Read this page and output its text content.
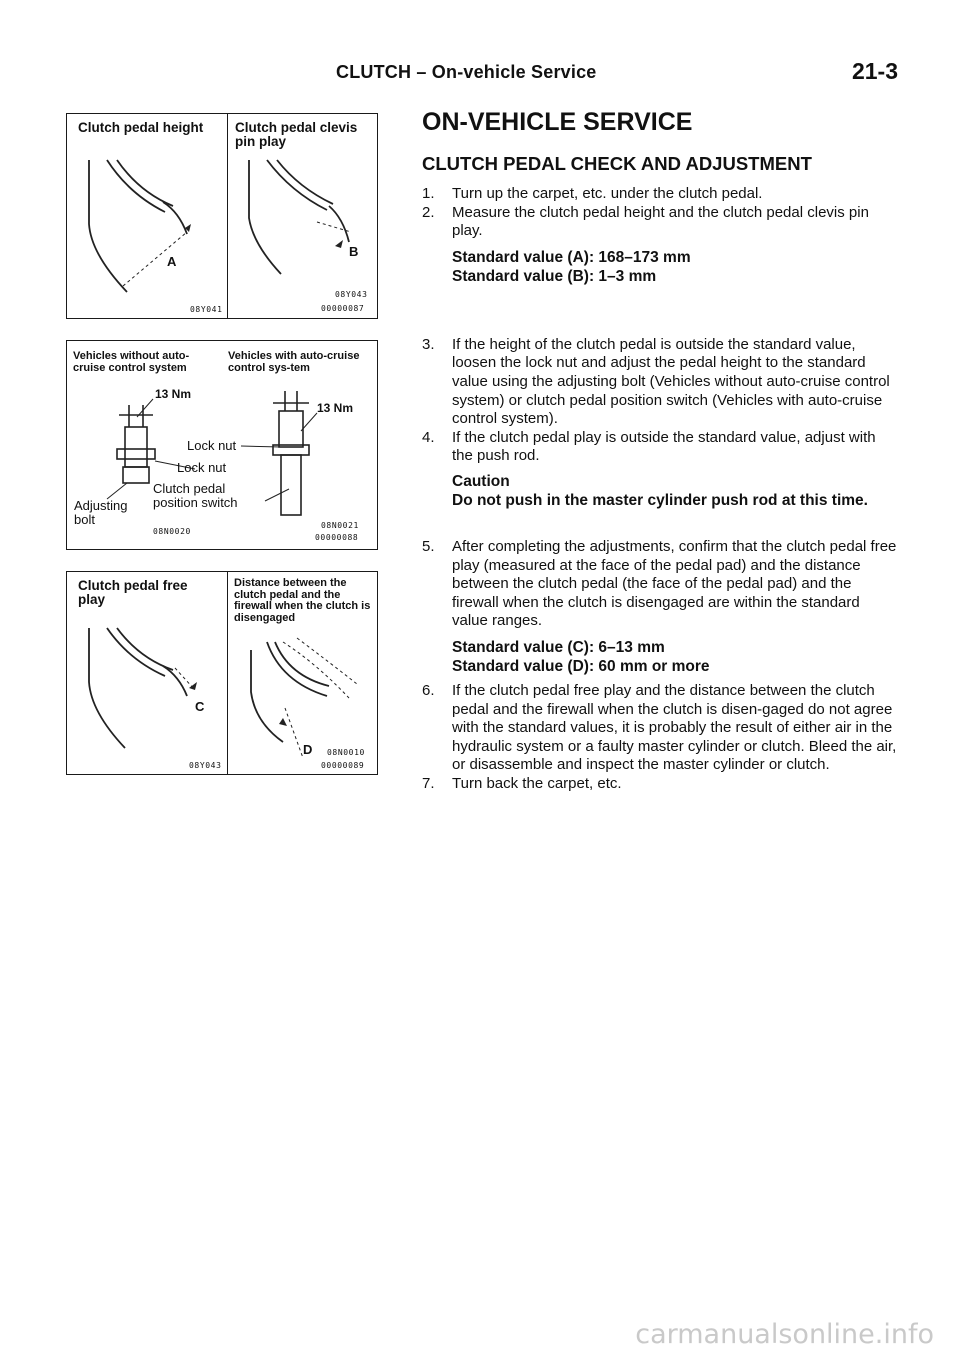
CLUTCH – On-vehicle Service	21-3
Clutch pedal height	Clutch pedal clevis pin play
A
B
08Y041
08Y043
00000087
Vehicles without auto-cruise control system
Vehicles with auto-cruise control sys-tem
13 Nm
13 Nm
Lock nut
Lock nut
Clutch pedal position switch
Adjusting bolt
08N0020
08N0021
00000088
Clutch pedal free play
Distance between the clutch pedal and the firewall when the clutch is disengaged
C
D
08Y043
08N0010
00000089
ON-VEHICLE SERVICE
CLUTCH PEDAL CHECK AND ADJUSTMENT
1. Turn up the carpet, etc. under the clutch pedal.
2. Measure the clutch pedal height and the clutch pedal clevis pin play.
Standard value (A): 168–173 mm
Standard value (B): 1–3 mm
3. If the height of the clutch pedal is outside the standard value, loosen the lock nut and adjust the pedal height to the standard value using the adjusting bolt (Vehicles without auto-cruise control system) or clutch pedal position switch (Vehicles with auto-cruise control system).
4. If the clutch pedal play is outside the standard value, adjust with the push rod.
Caution
Do not push in the master cylinder push rod at this time.
5. After completing the adjustments, confirm that the clutch pedal free play (measured at the face of the pedal pad) and the distance between the clutch pedal (the face of the pedal pad) and the firewall when the clutch is disengaged are within the standard value ranges.
Standard value (C): 6–13 mm
Standard value (D): 60 mm or more
6. If the clutch pedal free play and the distance between the clutch pedal and the firewall when the clutch is disen-gaged do not agree with the standard values, it is probably the result of either air in the hydraulic system or a faulty master cylinder or clutch. Bleed the air, or disassemble and inspect the master cylinder or clutch.
7. Turn back the carpet, etc.
carmanualsonline.info
